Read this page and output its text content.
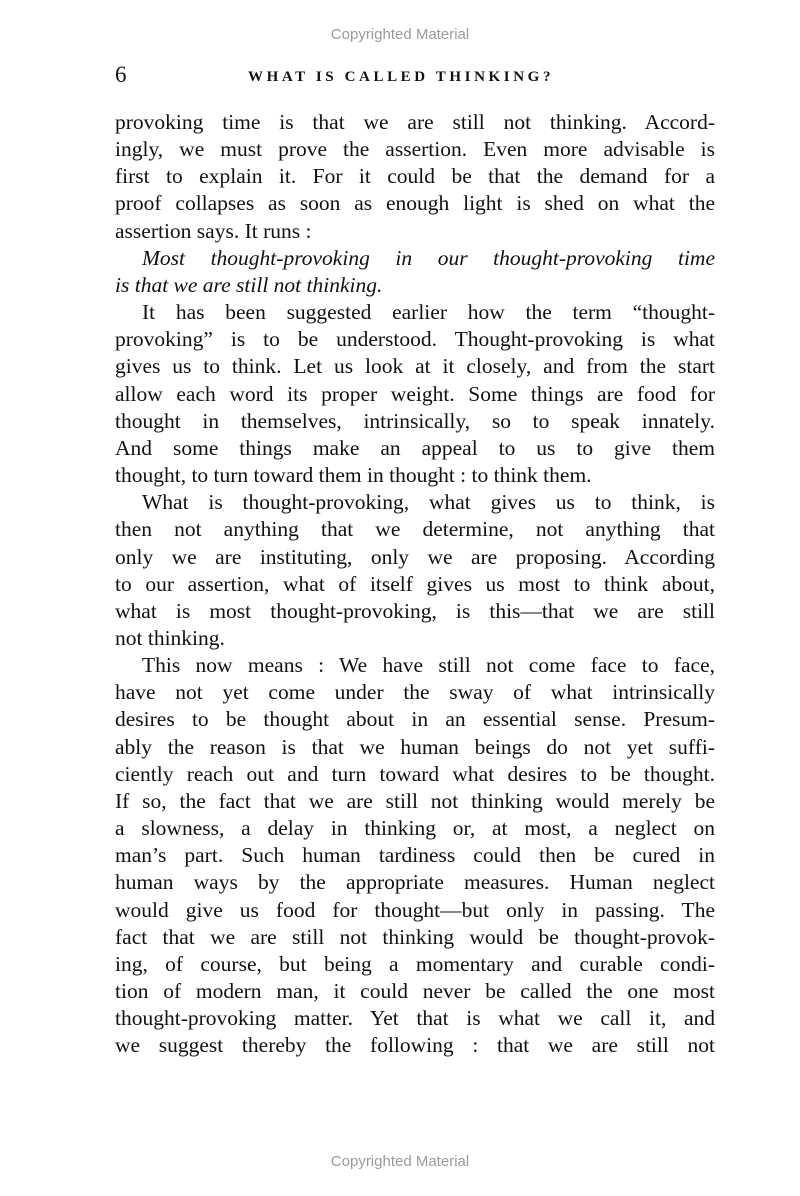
Copyrighted Material
6	WHAT IS CALLED THINKING?
provoking time is that we are still not thinking. Accord-
ingly, we must prove the assertion. Even more advisable is
first to explain it. For it could be that the demand for a
proof collapses as soon as enough light is shed on what the
assertion says. It runs :
Most thought-provoking in our thought-provoking time
is that we are still not thinking.
It has been suggested earlier how the term “thought-
provoking” is to be understood. Thought-provoking is what
gives us to think. Let us look at it closely, and from the start
allow each word its proper weight. Some things are food for
thought in themselves, intrinsically, so to speak innately.
And some things make an appeal to us to give them
thought, to turn toward them in thought : to think them.
What is thought-provoking, what gives us to think, is
then not anything that we determine, not anything that
only we are instituting, only we are proposing. According
to our assertion, what of itself gives us most to think about,
what is most thought-provoking, is this—that we are still
not thinking.
This now means : We have still not come face to face,
have not yet come under the sway of what intrinsically
desires to be thought about in an essential sense. Presum-
ably the reason is that we human beings do not yet suffi-
ciently reach out and turn toward what desires to be thought.
If so, the fact that we are still not thinking would merely be
a slowness, a delay in thinking or, at most, a neglect on
man’s part. Such human tardiness could then be cured in
human ways by the appropriate measures. Human neglect
would give us food for thought—but only in passing. The
fact that we are still not thinking would be thought-provok-
ing, of course, but being a momentary and curable condi-
tion of modern man, it could never be called the one most
thought-provoking matter. Yet that is what we call it, and
we suggest thereby the following : that we are still not
Copyrighted Material
